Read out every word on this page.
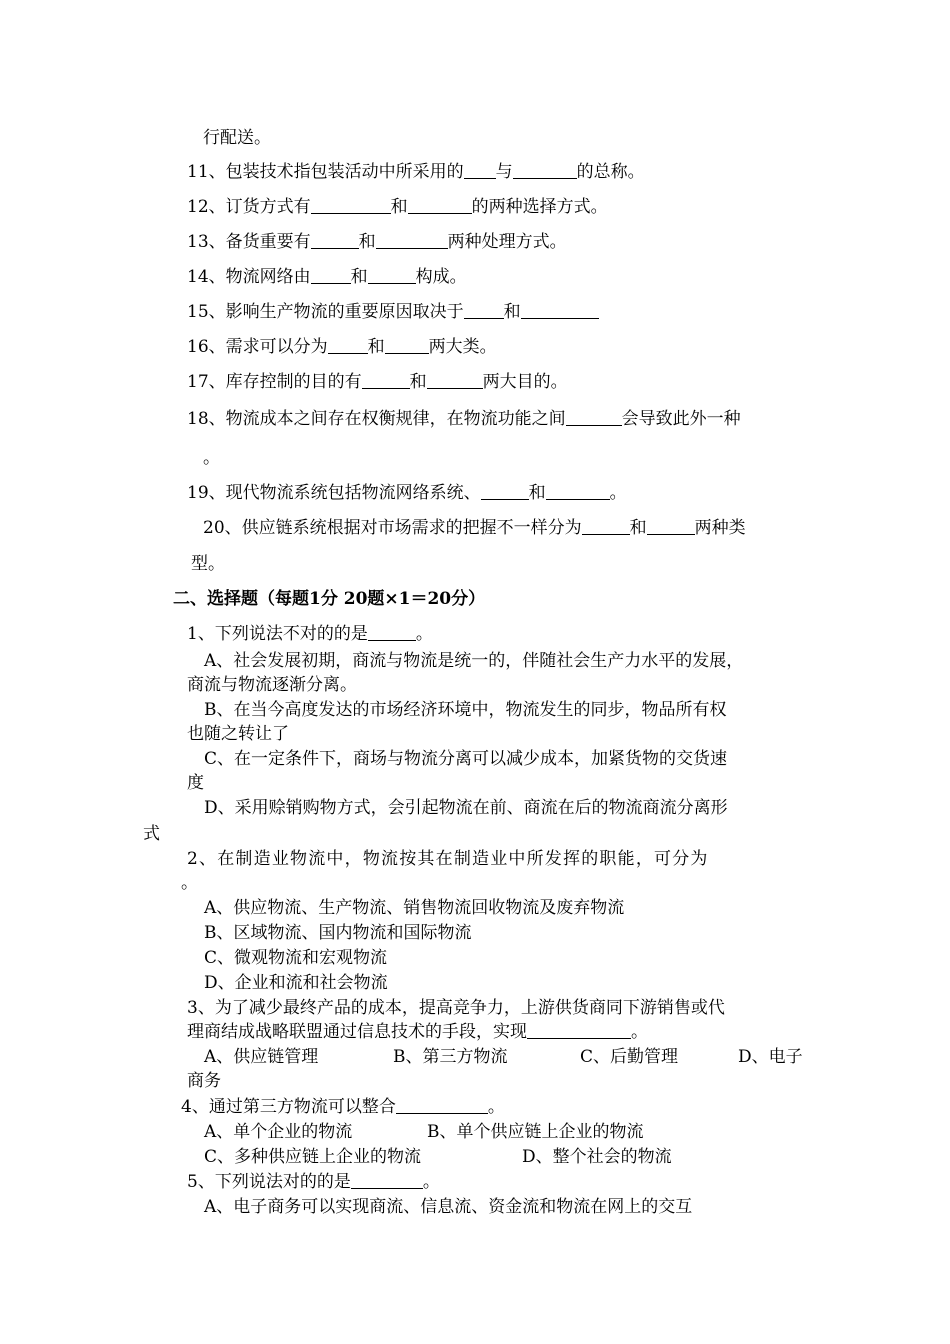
行配送。
11、包装技术指包装活动中所采用的 与	的总称。
12、订货方式有	和	的两种选择方式。
13、备货重要有	和	两种处理方式。
14、物流网络由 和	构成。
15、影响生产物流的重要原因取决于 和
16、需求可以分为 和	两大类。
17、库存控制的目的有	和	两大目的。
18、物流成本之间存在权衡规律，在物流功能之间	会导致此外一种
。
19、现代物流系统包括物流网络系统、	和	。
20、供应链系统根据对市场需求的把握不一样分为	和	两种类
型。
二、选择题（每题1分 20题×1＝20分）
1、下列说法不对的的是	。
A、社会发展初期，商流与物流是统一的，伴随社会生产力水平的发展，
商流与物流逐渐分离。
B、在当今高度发达的市场经济环境中，物流发生的同步，物品所有权
也随之转让了
C、在一定条件下，商场与物流分离可以减少成本，加紧货物的交货速
度
D、采用赊销购物方式，会引起物流在前、商流在后的物流商流分离形
式
2、在制造业物流中，物流按其在制造业中所发挥的职能，可分为
。
A、供应物流、生产物流、销售物流回收物流及废弃物流
B、区域物流、国内物流和国际物流
C、微观物流和宏观物流
D、企业和流和社会物流
3、为了减少最终产品的成本，提高竞争力，上游供货商同下游销售或代
理商结成战略联盟通过信息技术的手段，实现	。
A、供应链管理	B、第三方物流	C、后勤管理	D、电子
商务
4、通过第三方物流可以整合	。
A、单个企业的物流	B、单个供应链上企业的物流
C、多种供应链上企业的物流	D、整个社会的物流
5、下列说法对的的是	。
A、电子商务可以实现商流、信息流、资金流和物流在网上的交互
